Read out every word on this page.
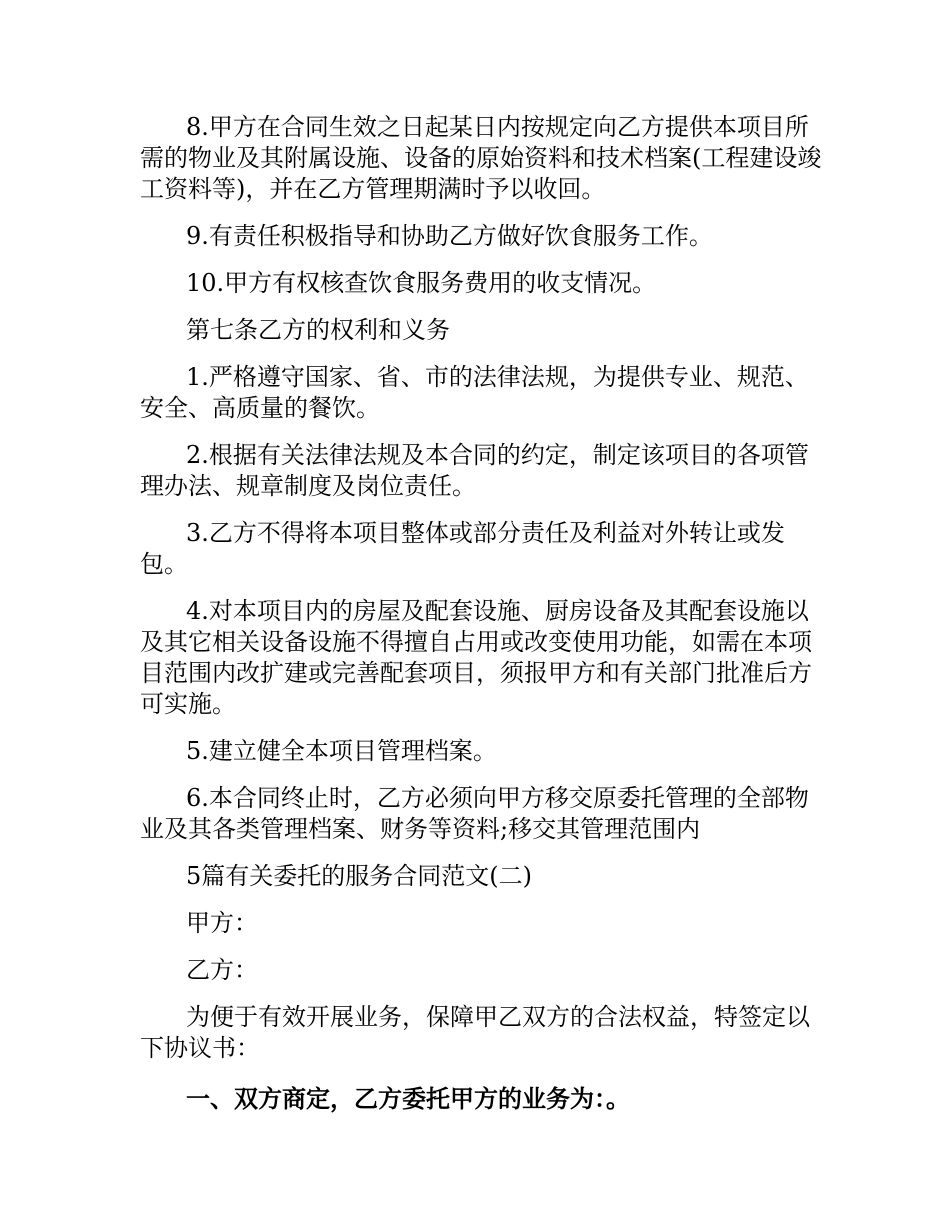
8.甲方在合同生效之日起某日内按规定向乙方提供本项目所需的物业及其附属设施、设备的原始资料和技术档案(工程建设竣工资料等)，并在乙方管理期满时予以收回。

9.有责任积极指导和协助乙方做好饮食服务工作。

10.甲方有权核查饮食服务费用的收支情况。

第七条乙方的权利和义务

1.严格遵守国家、省、市的法律法规，为提供专业、规范、安全、高质量的餐饮。

2.根据有关法律法规及本合同的约定，制定该项目的各项管理办法、规章制度及岗位责任。

3.乙方不得将本项目整体或部分责任及利益对外转让或发包。

4.对本项目内的房屋及配套设施、厨房设备及其配套设施以及其它相关设备设施不得擅自占用或改变使用功能，如需在本项目范围内改扩建或完善配套项目，须报甲方和有关部门批准后方可实施。

5.建立健全本项目管理档案。

6.本合同终止时，乙方必须向甲方移交原委托管理的全部物业及其各类管理档案、财务等资料;移交其管理范围内

5篇有关委托的服务合同范文(二)

甲方：

乙方：

为便于有效开展业务，保障甲乙双方的合法权益，特签定以下协议书：

一、双方商定，乙方委托甲方的业务为：。
